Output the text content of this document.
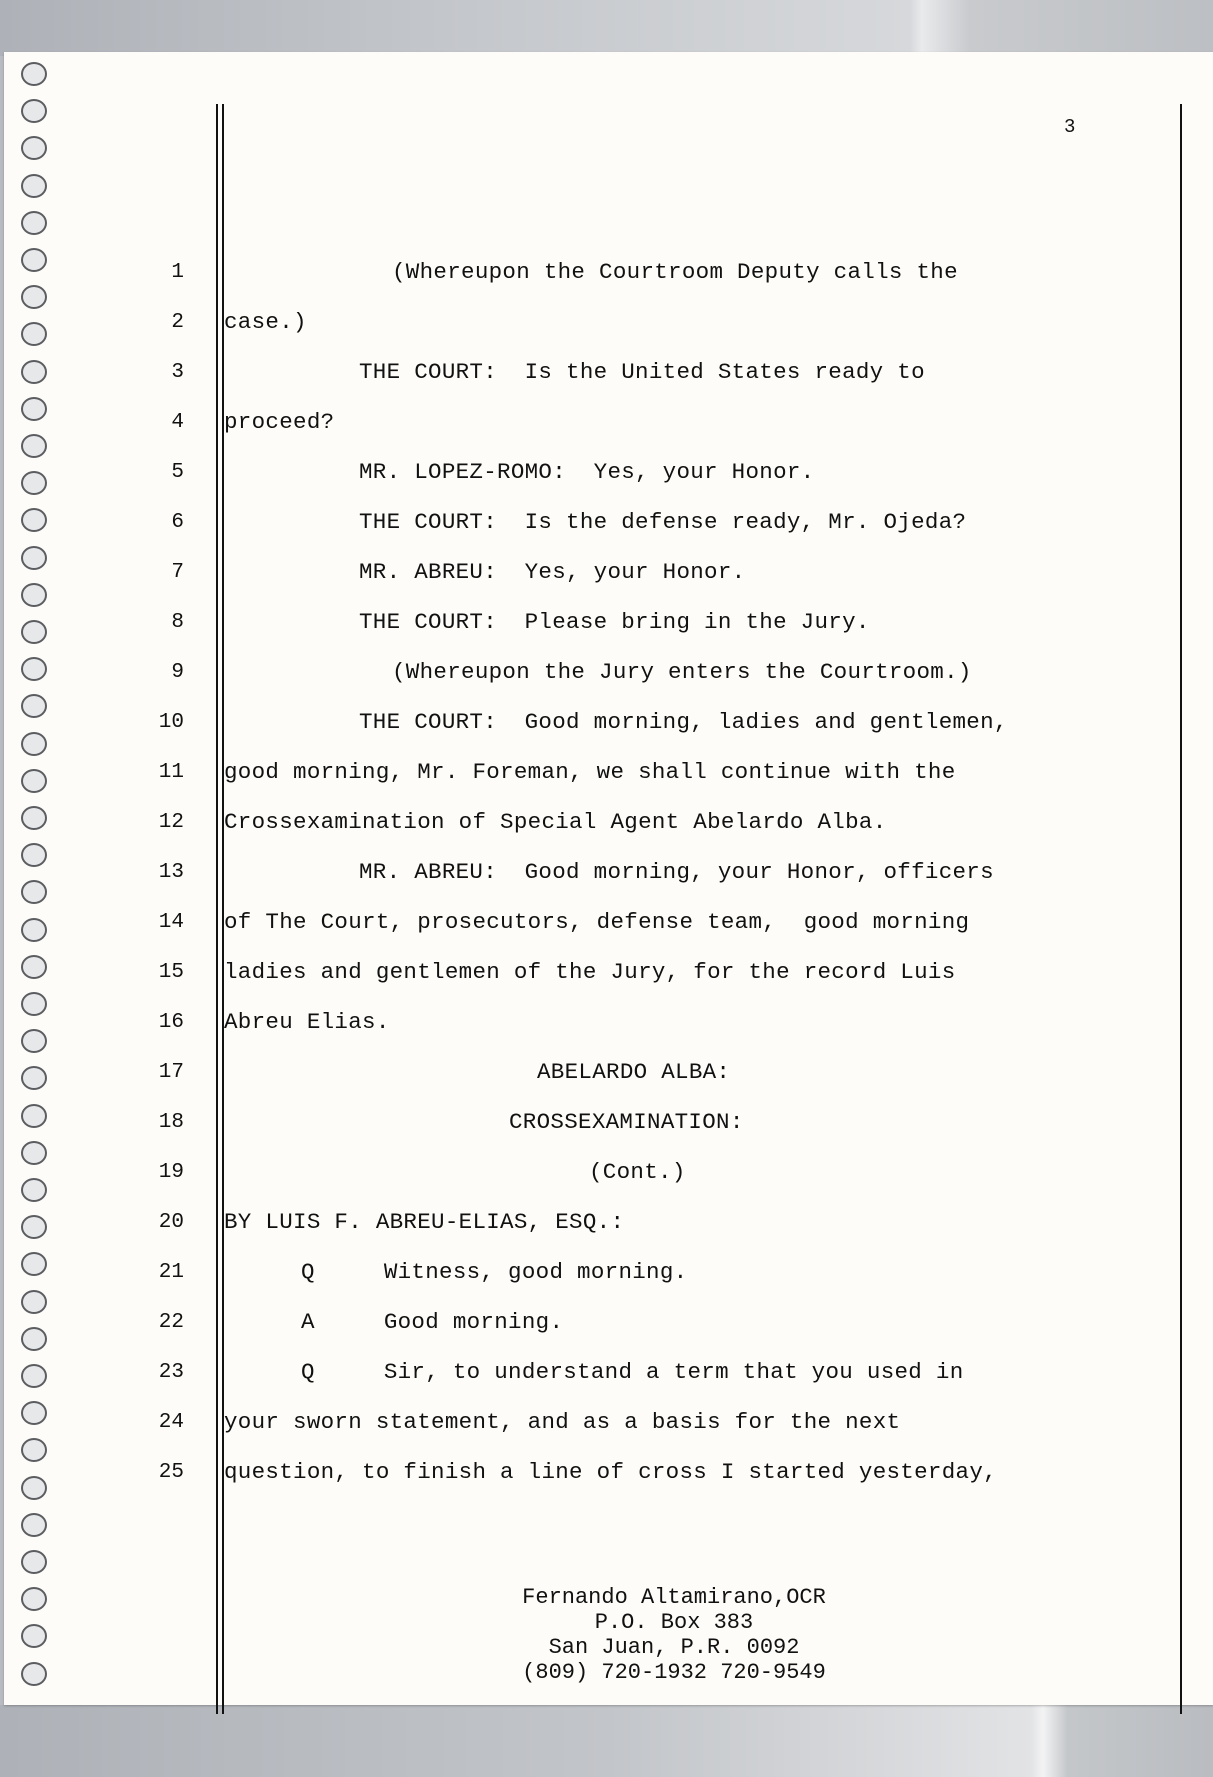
3
1
2
3
4
5
6
7
8
9
10
11
12
13
14
15
16
17
18
19
20
21
22
23
24
25
(Whereupon the Courtroom Deputy calls the
case.)
THE COURT:  Is the United States ready to
proceed?
MR. LOPEZ-ROMO:  Yes, your Honor.
THE COURT:  Is the defense ready, Mr. Ojeda?
MR. ABREU:  Yes, your Honor.
THE COURT:  Please bring in the Jury.
(Whereupon the Jury enters the Courtroom.)
THE COURT:  Good morning, ladies and gentlemen,
good morning, Mr. Foreman, we shall continue with the
Crossexamination of Special Agent Abelardo Alba.
MR. ABREU:  Good morning, your Honor, officers
of The Court, prosecutors, defense team,  good morning
ladies and gentlemen of the Jury, for the record Luis
Abreu Elias.
ABELARDO ALBA:
CROSSEXAMINATION:
(Cont.)
BY LUIS F. ABREU-ELIAS, ESQ.:
Q     Witness, good morning.
A     Good morning.
Q     Sir, to understand a term that you used in
your sworn statement, and as a basis for the next
question, to finish a line of cross I started yesterday,
Fernando Altamirano,OCR
P.O. Box 383
San Juan, P.R. 0092
(809) 720-1932 720-9549
